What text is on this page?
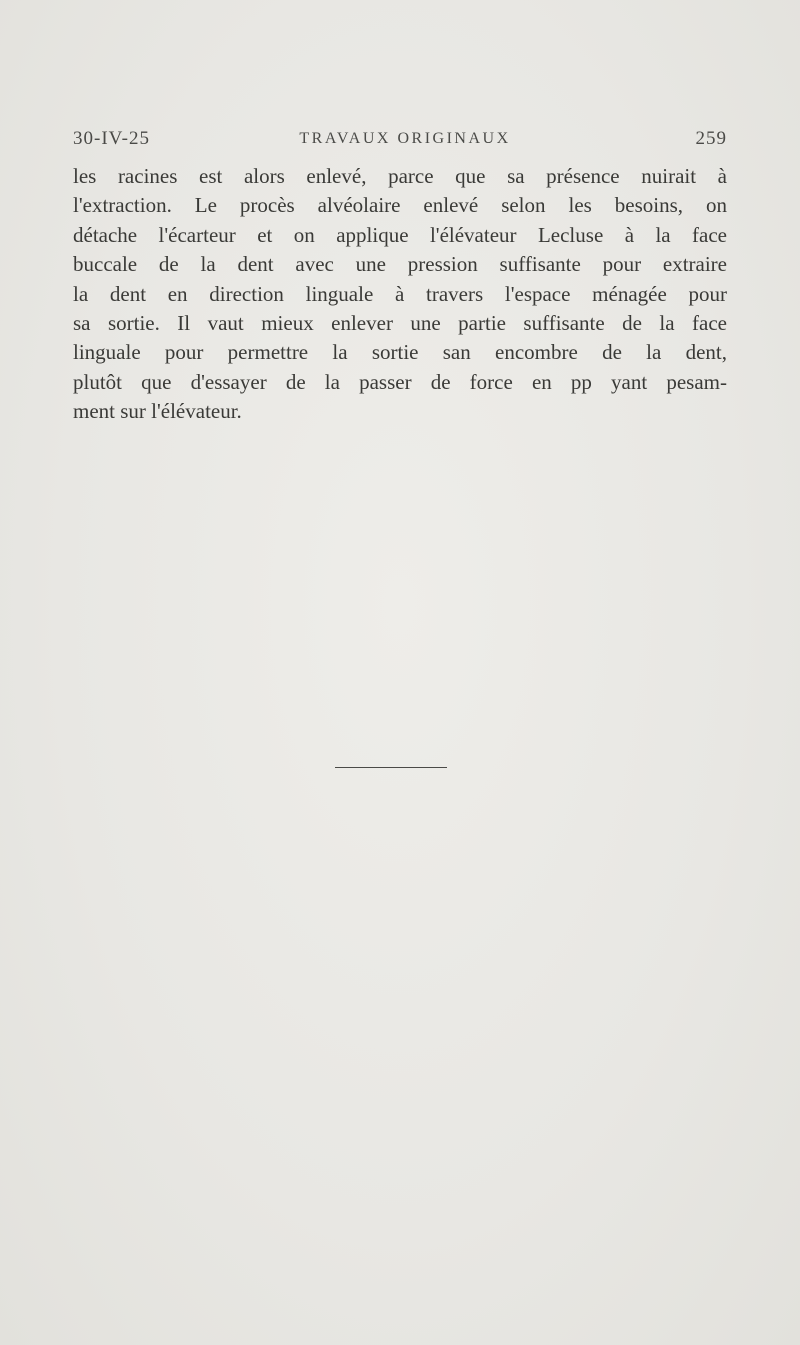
30-IV-25	TRAVAUX ORIGINAUX	259
les racines est alors enlevé, parce que sa présence nuirait à
l'extraction. Le procès alvéolaire enlevé selon les besoins, on
détache l'écarteur et on applique l'élévateur Lecluse à la face
buccale de la dent avec une pression suffisante pour extraire
la dent en direction linguale à travers l'espace ménagée pour
sa sortie. Il vaut mieux enlever une partie suffisante de la face
linguale pour permettre la sortie san encombre de la dent,
plutôt que d'essayer de la passer de force en pp yant pesam-
ment sur l'élévateur.
